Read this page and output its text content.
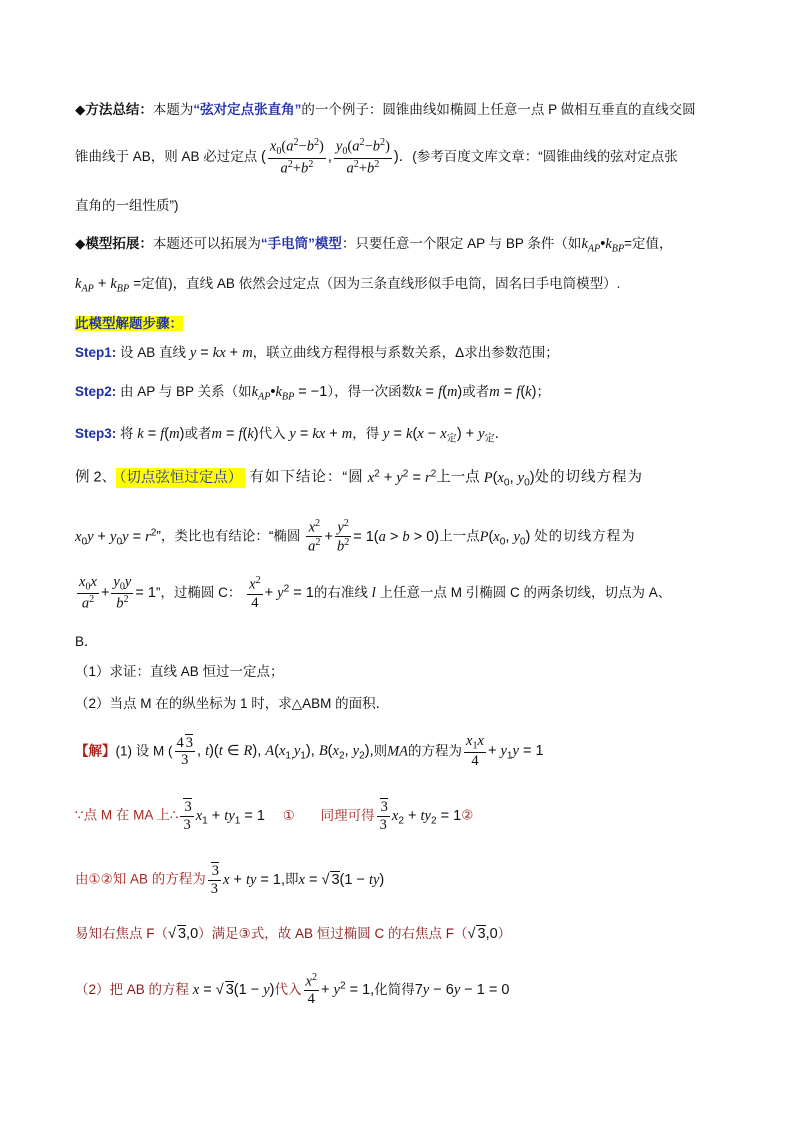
◆方法总结：本题为“弦对定点张直角”的一个例子：圆锥曲线如椭圆上任意一点 P 做相互垂直的直线交圆
锥曲线于 AB，则 AB 必过定点 ( $\frac{x_0(a^2-b^2)}{a^2+b^2}$ , $\frac{y_0(a^2-b^2)}{a^2+b^2}$ )．(参考百度文库文章：“圆锥曲线的弦对定点张
直角的一组性质”)
◆模型拓展：本题还可以拓展为“手电筒”模型：只要任意一个限定 AP 与 BP 条件（如$k_{AP}•k_{BP}=$定值，
$k_{AP} + k_{BP}$ =定值)，直线 AB 依然会过定点（因为三条直线形似手电筒，固名曰手电筒模型）.
此模型解题步骤：
Step1: 设 AB 直线 y = kx + m，联立曲线方程得根与系数关系，Δ求出参数范围；
Step2: 由 AP 与 BP 关系（如$k_{AP}•k_{BP} = -1$），得一次函数k = f(m)或者m = f(k)；
Step3: 将 k = f(m)或者m = f(k)代入 y = kx + m，得 $y = k(x - x_定) + y_定$．
例 2、 （切点弦恒过定点） 有如下结论：“圆 $x^2 + y^2 = r^2$上一点 $P(x_0$, $y_0$)处的切线方程为
$x_0y + y_0y = r^2$”，类比也有结论：“椭圆 $\frac{x^2}{a^2} + \frac{y^2}{b^2} = 1(a > b > 0)$上一点$P(x_0$, $y_0$) 处的切线方程为
$\frac{x_0x}{a^2} + \frac{y_0y}{b^2} = 1$”，过椭圆 C： $\frac{x^2}{4} + y^2 = 1$的右准线 l 上任意一点 M 引椭圆 C 的两条切线，切点为 A、
B．
（1）求证：直线 AB 恒过一定点；
（2）当点 M 在的纵坐标为 1 时，求△ABM 的面积．
【解】(1) 设 M ( $\frac{4 3}{3}$ , t)(t ∈ R), $A(x_{1,}y_1)$, $B(x_2$, $y_2$),则MA的方程为 $\frac{x_1x}{4} + y_1y = 1$
∵点 M 在 MA 上∴ $\frac{3}{3} x_1 + ty_1 = 1$ ① 同理可得 $\frac{3}{3} x_2 + ty_2$ = 1②
由①②知 AB 的方程为 $\frac{3}{3}$ x + ty = 1,即x = √ 3(1 − ty)
易知右焦点 F（√ 3,0）满足③式，故 AB 恒过椭圆 C 的右焦点 F（√ 3,0）
（2）把 AB 的方程 x = √ 3(1 − y)代入 $\frac{x^2}{4} + y^2 = 1$,化简得7y − 6y − 1 = 0
